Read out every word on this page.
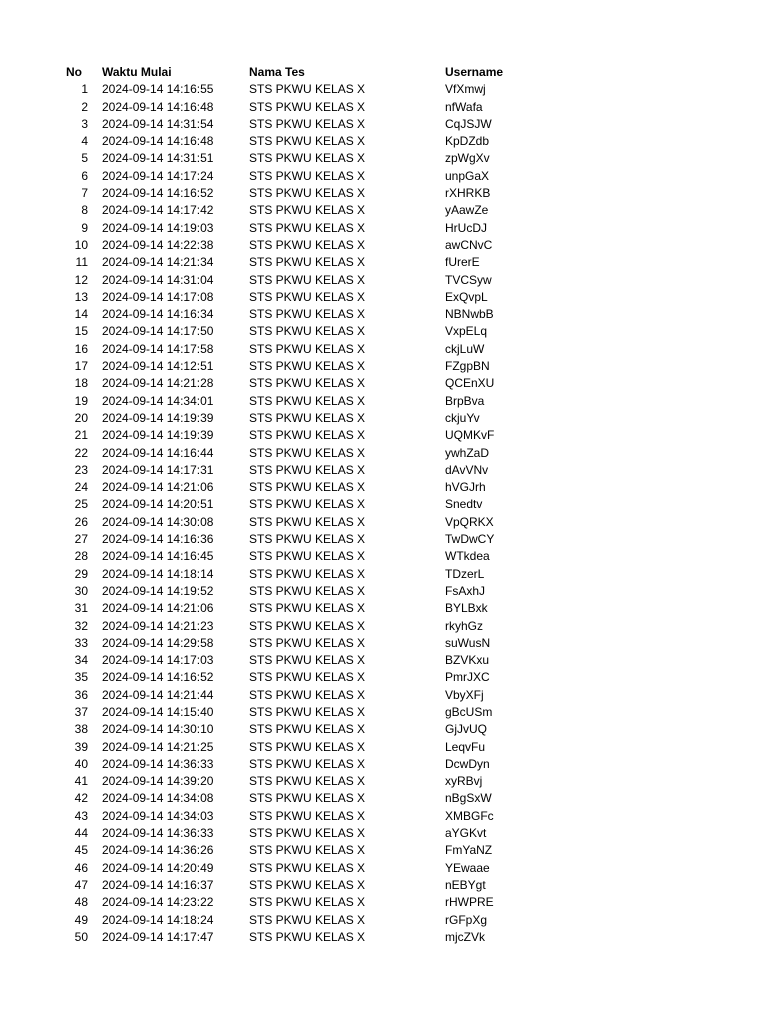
No	Waktu Mulai	Nama Tes	Username
1	2024-09-14 14:16:55	STS PKWU KELAS X	VfXmwj
2	2024-09-14 14:16:48	STS PKWU KELAS X	nfWafa
3	2024-09-14 14:31:54	STS PKWU KELAS X	CqJSJW
4	2024-09-14 14:16:48	STS PKWU KELAS X	KpDZdb
5	2024-09-14 14:31:51	STS PKWU KELAS X	zpWgXv
6	2024-09-14 14:17:24	STS PKWU KELAS X	unpGaX
7	2024-09-14 14:16:52	STS PKWU KELAS X	rXHRKB
8	2024-09-14 14:17:42	STS PKWU KELAS X	yAawZe
9	2024-09-14 14:19:03	STS PKWU KELAS X	HrUcDJ
10	2024-09-14 14:22:38	STS PKWU KELAS X	awCNvC
11	2024-09-14 14:21:34	STS PKWU KELAS X	fUrerE
12	2024-09-14 14:31:04	STS PKWU KELAS X	TVCSyw
13	2024-09-14 14:17:08	STS PKWU KELAS X	ExQvpL
14	2024-09-14 14:16:34	STS PKWU KELAS X	NBNwbB
15	2024-09-14 14:17:50	STS PKWU KELAS X	VxpELq
16	2024-09-14 14:17:58	STS PKWU KELAS X	ckjLuW
17	2024-09-14 14:12:51	STS PKWU KELAS X	FZgpBN
18	2024-09-14 14:21:28	STS PKWU KELAS X	QCEnXU
19	2024-09-14 14:34:01	STS PKWU KELAS X	BrpBva
20	2024-09-14 14:19:39	STS PKWU KELAS X	ckjuYv
21	2024-09-14 14:19:39	STS PKWU KELAS X	UQMKvF
22	2024-09-14 14:16:44	STS PKWU KELAS X	ywhZaD
23	2024-09-14 14:17:31	STS PKWU KELAS X	dAvVNv
24	2024-09-14 14:21:06	STS PKWU KELAS X	hVGJrh
25	2024-09-14 14:20:51	STS PKWU KELAS X	Snedtv
26	2024-09-14 14:30:08	STS PKWU KELAS X	VpQRKX
27	2024-09-14 14:16:36	STS PKWU KELAS X	TwDwCY
28	2024-09-14 14:16:45	STS PKWU KELAS X	WTkdea
29	2024-09-14 14:18:14	STS PKWU KELAS X	TDzerL
30	2024-09-14 14:19:52	STS PKWU KELAS X	FsAxhJ
31	2024-09-14 14:21:06	STS PKWU KELAS X	BYLBxk
32	2024-09-14 14:21:23	STS PKWU KELAS X	rkyhGz
33	2024-09-14 14:29:58	STS PKWU KELAS X	suWusN
34	2024-09-14 14:17:03	STS PKWU KELAS X	BZVKxu
35	2024-09-14 14:16:52	STS PKWU KELAS X	PmrJXC
36	2024-09-14 14:21:44	STS PKWU KELAS X	VbyXFj
37	2024-09-14 14:15:40	STS PKWU KELAS X	gBcUSm
38	2024-09-14 14:30:10	STS PKWU KELAS X	GjJvUQ
39	2024-09-14 14:21:25	STS PKWU KELAS X	LeqvFu
40	2024-09-14 14:36:33	STS PKWU KELAS X	DcwDyn
41	2024-09-14 14:39:20	STS PKWU KELAS X	xyRBvj
42	2024-09-14 14:34:08	STS PKWU KELAS X	nBgSxW
43	2024-09-14 14:34:03	STS PKWU KELAS X	XMBGFc
44	2024-09-14 14:36:33	STS PKWU KELAS X	aYGKvt
45	2024-09-14 14:36:26	STS PKWU KELAS X	FmYaNZ
46	2024-09-14 14:20:49	STS PKWU KELAS X	YEwaae
47	2024-09-14 14:16:37	STS PKWU KELAS X	nEBYgt
48	2024-09-14 14:23:22	STS PKWU KELAS X	rHWPRE
49	2024-09-14 14:18:24	STS PKWU KELAS X	rGFpXg
50	2024-09-14 14:17:47	STS PKWU KELAS X	mjcZVk
